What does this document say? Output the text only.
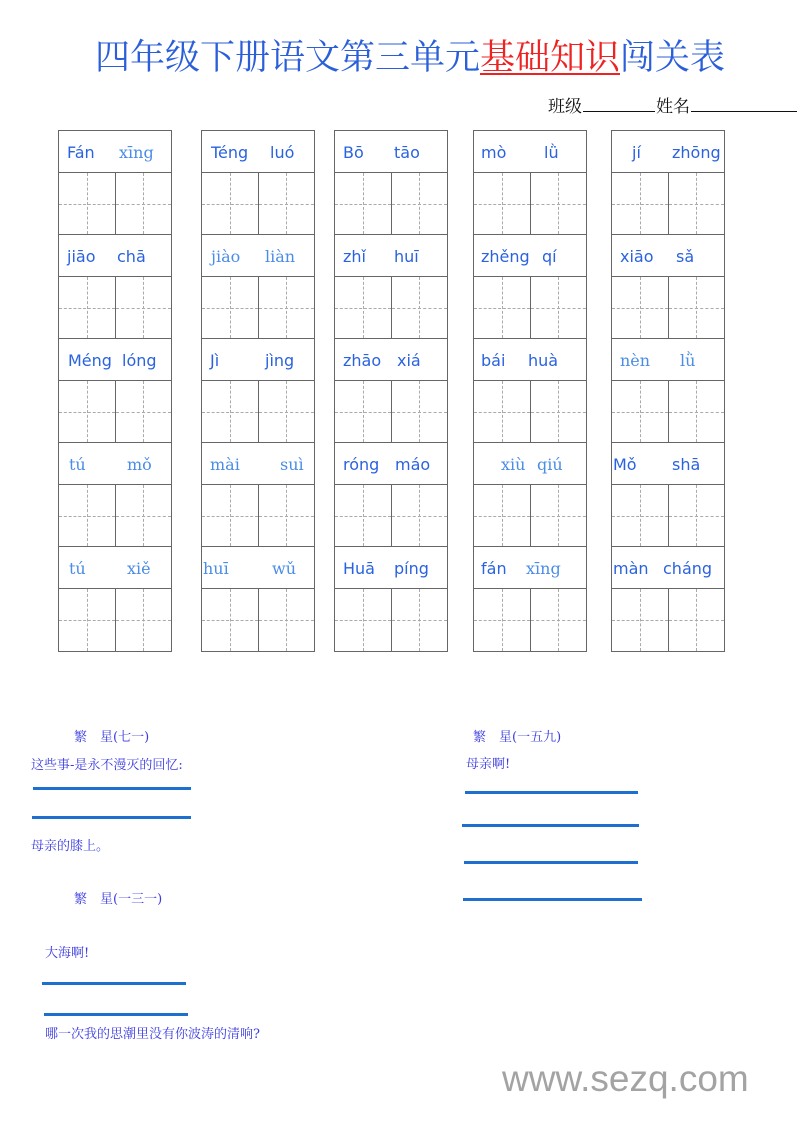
四年级下册语文第三单元基础知识闯关表
班级	姓名
Fán xīng
jiāo chā
Méng lóng
tú	mǒ
tú	xiě
Téng luó
jiào liàn
Jì	jìng
mài	suì
huī	wǔ
Bō tāo
zhǐ huī
zhāo xiá
róng máo
Huā píng
mò lǜ
zhěng qí
bái huà
xiù qiú
fán xīng
jí zhōng
xiāo sǎ
nèn lǜ
Mǒ shā
màn cháng
繁　星(七一)
这些事-是永不漫灭的回忆:
母亲的膝上。
繁　星(一三一)
大海啊!
哪一次我的思潮里没有你波涛的清响?
繁　星(一五九)
母亲啊!
www.sezq.com
